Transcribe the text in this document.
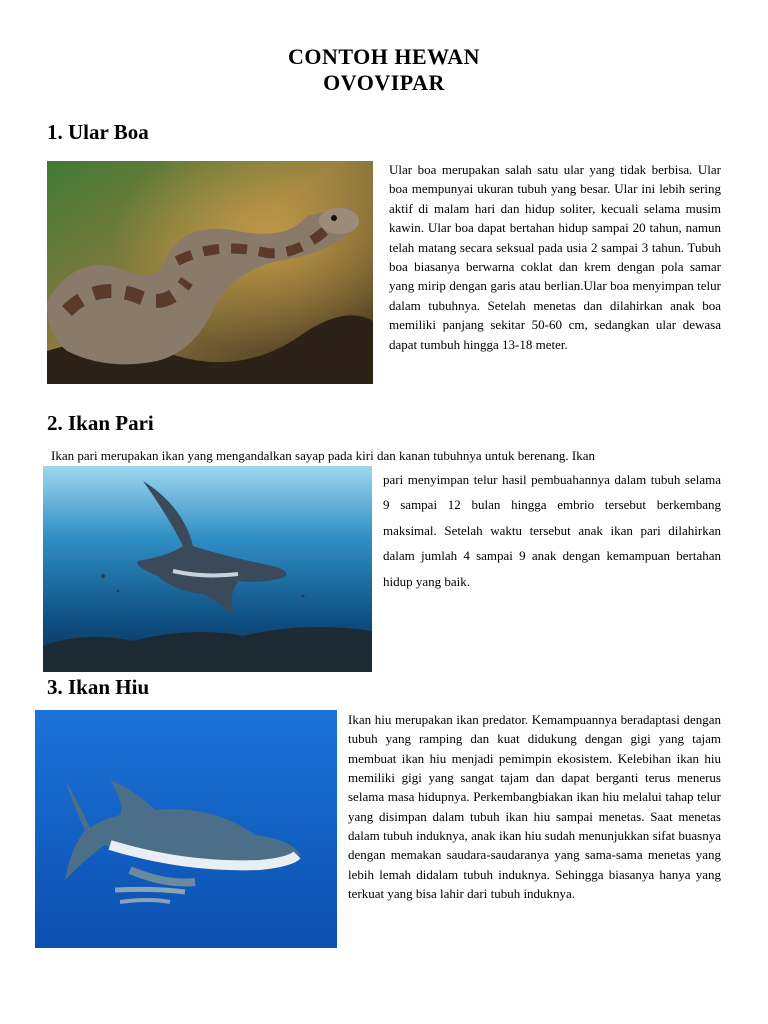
CONTOH HEWAN
OVOVIPAR
1. Ular Boa

Ular boa merupakan salah satu ular yang tidak berbisa. Ular boa mempunyai ukuran tubuh yang besar. Ular ini lebih sering aktif di malam hari dan hidup soliter, kecuali selama musim kawin. Ular boa dapat bertahan hidup sampai 20 tahun, namun telah matang secara seksual pada usia 2 sampai 3 tahun. Tubuh boa biasanya berwarna coklat dan krem dengan pola samar yang mirip dengan garis atau berlian.Ular boa menyimpan telur dalam tubuhnya. Setelah menetas dan dilahirkan anak boa memiliki panjang sekitar 50-60 cm, sedangkan ular dewasa dapat tumbuh hingga 13-18 meter.

2. Ikan Pari

Ikan pari merupakan ikan yang mengandalkan sayap pada kiri dan kanan tubuhnya untuk berenang. Ikan

pari menyimpan telur hasil pembuahannya dalam tubuh selama 9 sampai 12 bulan hingga embrio tersebut berkembang maksimal. Setelah waktu tersebut anak ikan pari dilahirkan dalam jumlah 4 sampai 9 anak dengan kemampuan bertahan hidup yang baik.

3. Ikan Hiu

Ikan hiu merupakan ikan predator. Kemampuannya beradaptasi dengan tubuh yang ramping dan kuat didukung dengan gigi yang tajam membuat ikan hiu menjadi pemimpin ekosistem. Kelebihan ikan hiu memiliki gigi yang sangat tajam dan dapat berganti terus menerus selama masa hidupnya. Perkembangbiakan ikan hiu melalui tahap telur yang disimpan dalam tubuh ikan hiu sampai menetas. Saat menetas dalam tubuh induknya, anak ikan hiu sudah menunjukkan sifat buasnya dengan memakan saudara-saudaranya yang sama-sama menetas yang lebih lemah didalam tubuh induknya. Sehingga biasanya hanya yang terkuat yang bisa lahir dari tubuh induknya.
